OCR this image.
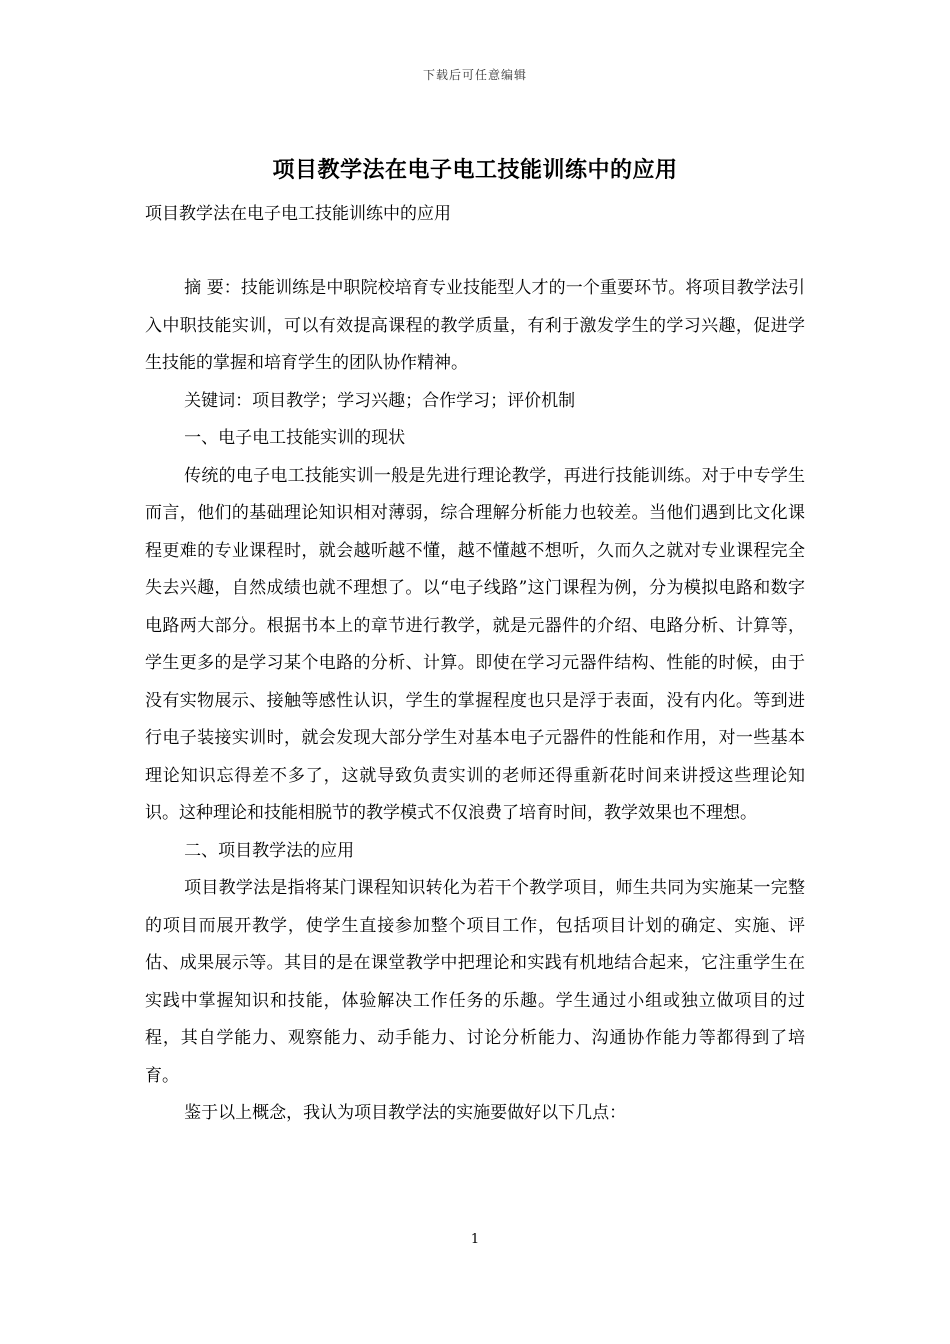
下载后可任意编辑
项目教学法在电子电工技能训练中的应用
项目教学法在电子电工技能训练中的应用

摘 要：技能训练是中职院校培育专业技能型人才的一个重要环节。将项目教学法引入中职技能实训，可以有效提高课程的教学质量，有利于激发学生的学习兴趣，促进学生技能的掌握和培育学生的团队协作精神。

关键词：项目教学；学习兴趣；合作学习；评价机制

一、电子电工技能实训的现状

传统的电子电工技能实训一般是先进行理论教学，再进行技能训练。对于中专学生而言，他们的基础理论知识相对薄弱，综合理解分析能力也较差。当他们遇到比文化课程更难的专业课程时，就会越听越不懂，越不懂越不想听，久而久之就对专业课程完全失去兴趣，自然成绩也就不理想了。以“电子线路”这门课程为例，分为模拟电路和数字电路两大部分。根据书本上的章节进行教学，就是元器件的介绍、电路分析、计算等，学生更多的是学习某个电路的分析、计算。即使在学习元器件结构、性能的时候，由于没有实物展示、接触等感性认识，学生的掌握程度也只是浮于表面，没有内化。等到进行电子装接实训时，就会发现大部分学生对基本电子元器件的性能和作用，对一些基本理论知识忘得差不多了，这就导致负责实训的老师还得重新花时间来讲授这些理论知识。这种理论和技能相脱节的教学模式不仅浪费了培育时间，教学效果也不理想。

二、项目教学法的应用

项目教学法是指将某门课程知识转化为若干个教学项目，师生共同为实施某一完整的项目而展开教学，使学生直接参加整个项目工作，包括项目计划的确定、实施、评估、成果展示等。其目的是在课堂教学中把理论和实践有机地结合起来，它注重学生在实践中掌握知识和技能，体验解决工作任务的乐趣。学生通过小组或独立做项目的过程，其自学能力、观察能力、动手能力、讨论分析能力、沟通协作能力等都得到了培育。

鉴于以上概念，我认为项目教学法的实施要做好以下几点：

1
